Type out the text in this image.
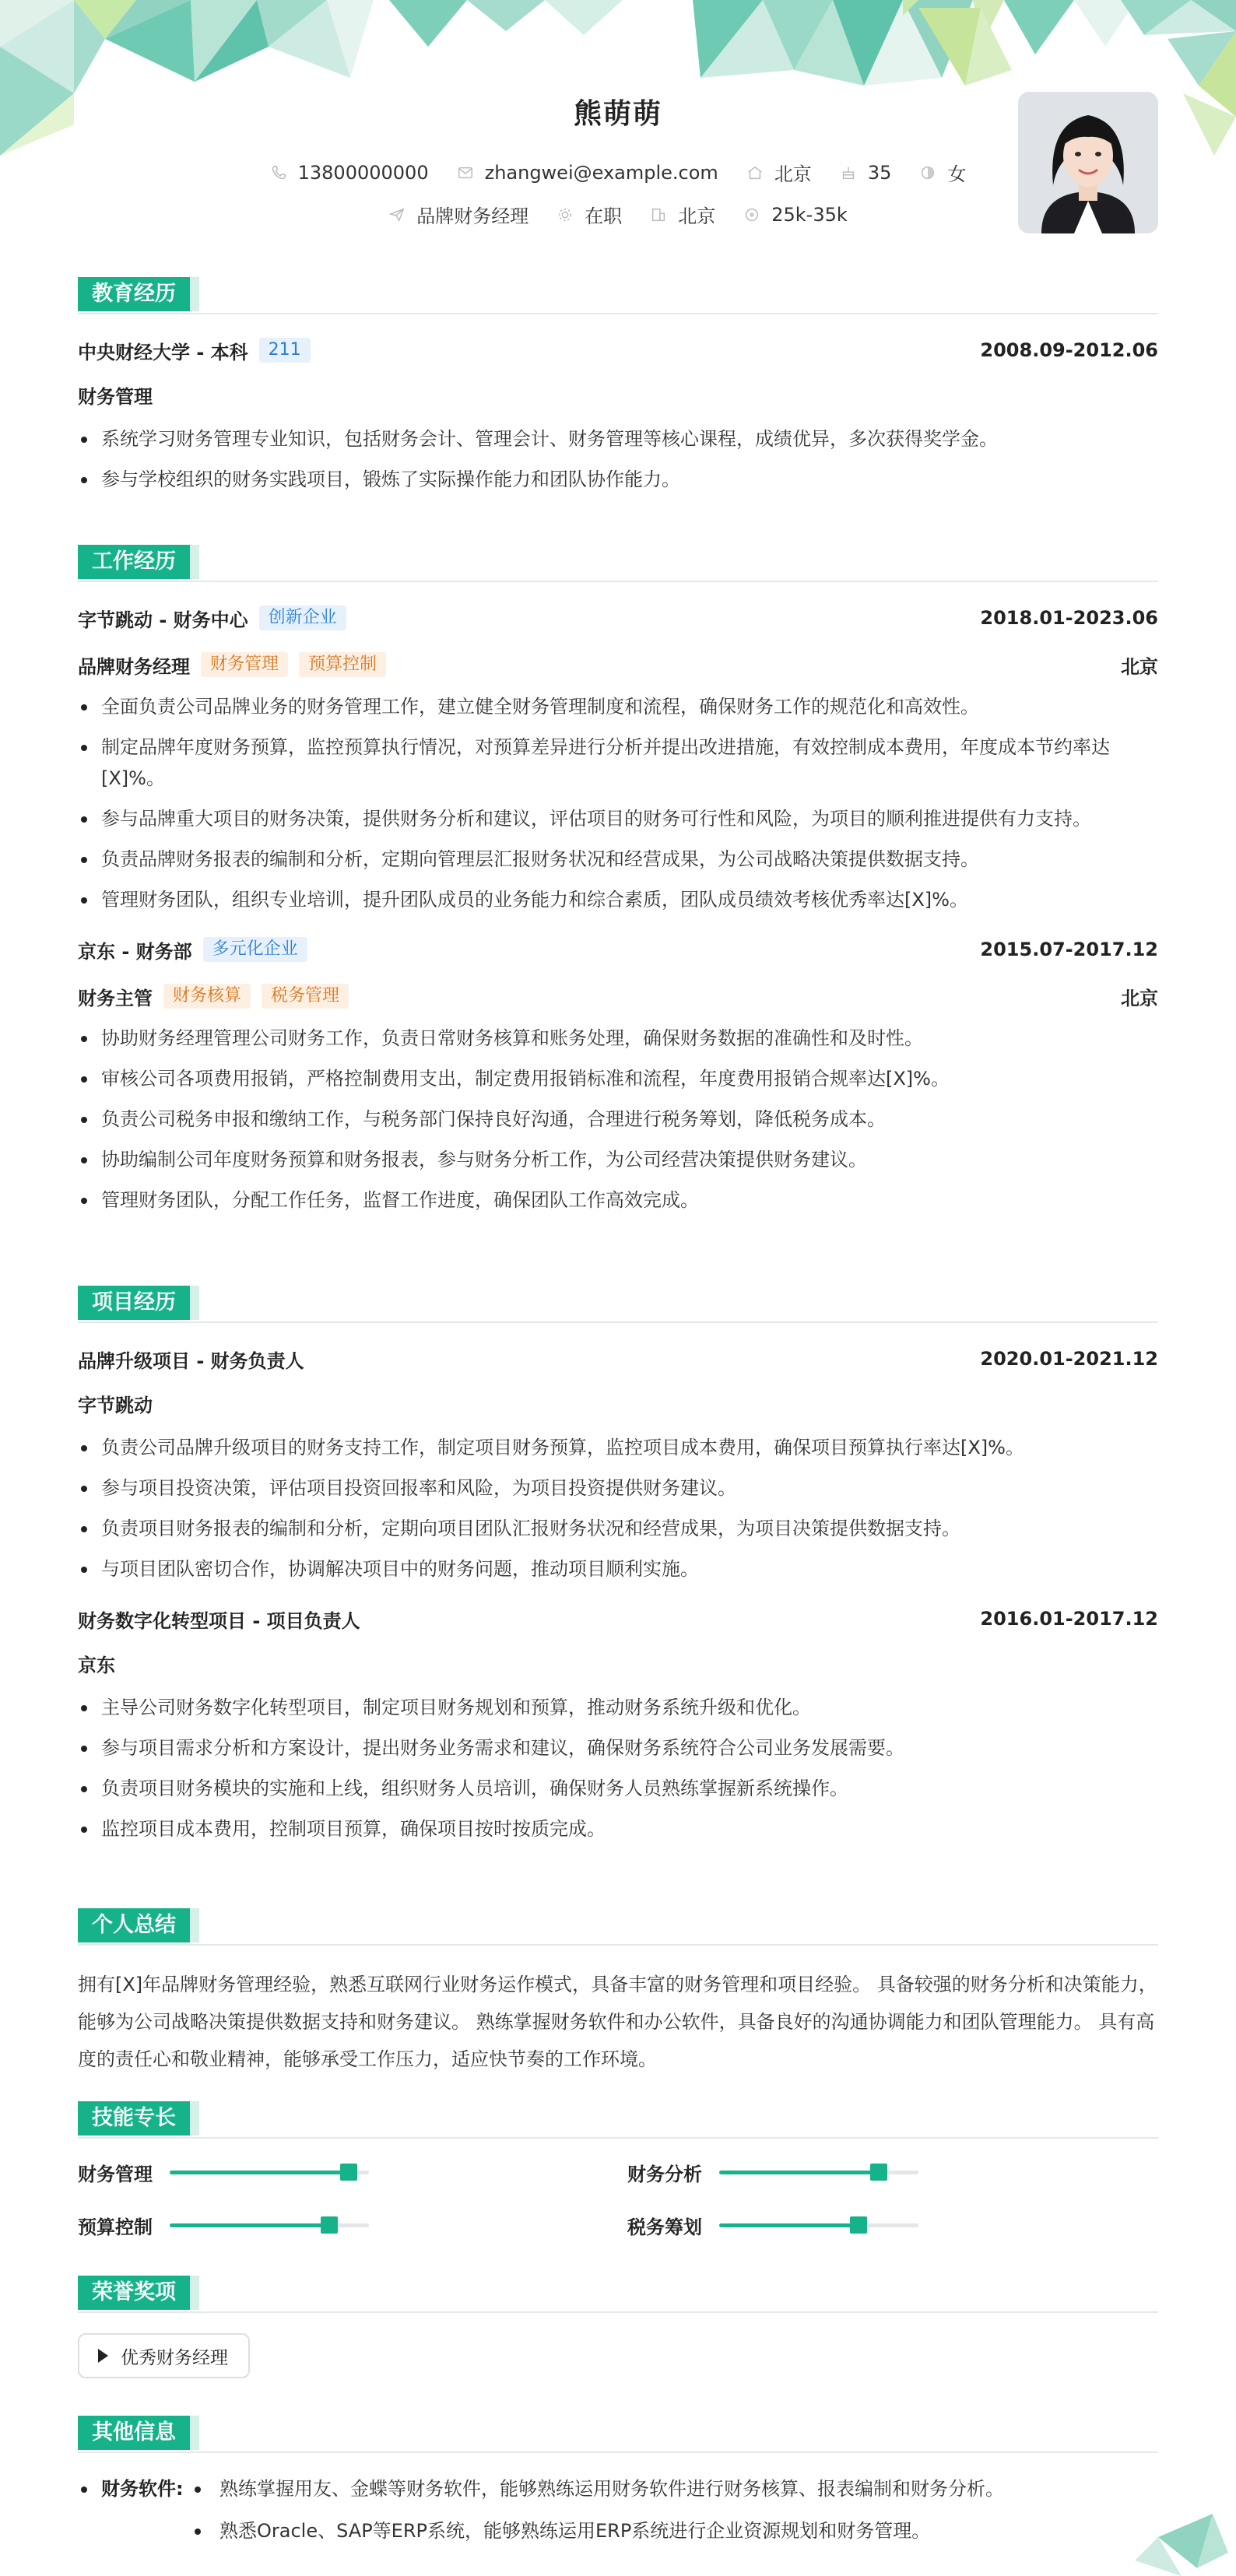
熊萌萌
13800000000	zhangwei@example.com	北京	35	女
品牌财务经理	在职	北京	25k-35k
教育经历
中央财经大学 - 本科	211	2008.09-2012.06
财务管理
系统学习财务管理专业知识，包括财务会计、管理会计、财务管理等核心课程，成绩优异，多次获得奖学金。
参与学校组织的财务实践项目，锻炼了实际操作能力和团队协作能力。
工作经历
字节跳动 - 财务中心	创新企业	2018.01-2023.06
品牌财务经理	财务管理	预算控制	北京
全面负责公司品牌业务的财务管理工作，建立健全财务管理制度和流程，确保财务工作的规范化和高效性。
制定品牌年度财务预算，监控预算执行情况，对预算差异进行分析并提出改进措施，有效控制成本费用，年度成本节约率达[X]%。
参与品牌重大项目的财务决策，提供财务分析和建议，评估项目的财务可行性和风险，为项目的顺利推进提供有力支持。
负责品牌财务报表的编制和分析，定期向管理层汇报财务状况和经营成果，为公司战略决策提供数据支持。
管理财务团队，组织专业培训，提升团队成员的业务能力和综合素质，团队成员绩效考核优秀率达[X]%。
京东 - 财务部	多元化企业	2015.07-2017.12
财务主管	财务核算	税务管理	北京
协助财务经理管理公司财务工作，负责日常财务核算和账务处理，确保财务数据的准确性和及时性。
审核公司各项费用报销，严格控制费用支出，制定费用报销标准和流程，年度费用报销合规率达[X]%。
负责公司税务申报和缴纳工作，与税务部门保持良好沟通，合理进行税务筹划，降低税务成本。
协助编制公司年度财务预算和财务报表，参与财务分析工作，为公司经营决策提供财务建议。
管理财务团队，分配工作任务，监督工作进度，确保团队工作高效完成。
项目经历
品牌升级项目 - 财务负责人	2020.01-2021.12
字节跳动
负责公司品牌升级项目的财务支持工作，制定项目财务预算，监控项目成本费用，确保项目预算执行率达[X]%。
参与项目投资决策，评估项目投资回报率和风险，为项目投资提供财务建议。
负责项目财务报表的编制和分析，定期向项目团队汇报财务状况和经营成果，为项目决策提供数据支持。
与项目团队密切合作，协调解决项目中的财务问题，推动项目顺利实施。
财务数字化转型项目 - 项目负责人	2016.01-2017.12
京东
主导公司财务数字化转型项目，制定项目财务规划和预算，推动财务系统升级和优化。
参与项目需求分析和方案设计，提出财务业务需求和建议，确保财务系统符合公司业务发展需要。
负责项目财务模块的实施和上线，组织财务人员培训，确保财务人员熟练掌握新系统操作。
监控项目成本费用，控制项目预算，确保项目按时按质完成。
个人总结
拥有[X]年品牌财务管理经验，熟悉互联网行业财务运作模式，具备丰富的财务管理和项目经验。 具备较强的财务分析和决策能力，能够为公司战略决策提供数据支持和财务建议。 熟练掌握财务软件和办公软件，具备良好的沟通协调能力和团队管理能力。 具有高度的责任心和敬业精神，能够承受工作压力，适应快节奏的工作环境。
技能专长
财务管理	财务分析
预算控制	税务筹划
荣誉奖项
优秀财务经理
其他信息
财务软件:	熟练掌握用友、金蝶等财务软件，能够熟练运用财务软件进行财务核算、报表编制和财务分析。
熟悉Oracle、SAP等ERP系统，能够熟练运用ERP系统进行企业资源规划和财务管理。
